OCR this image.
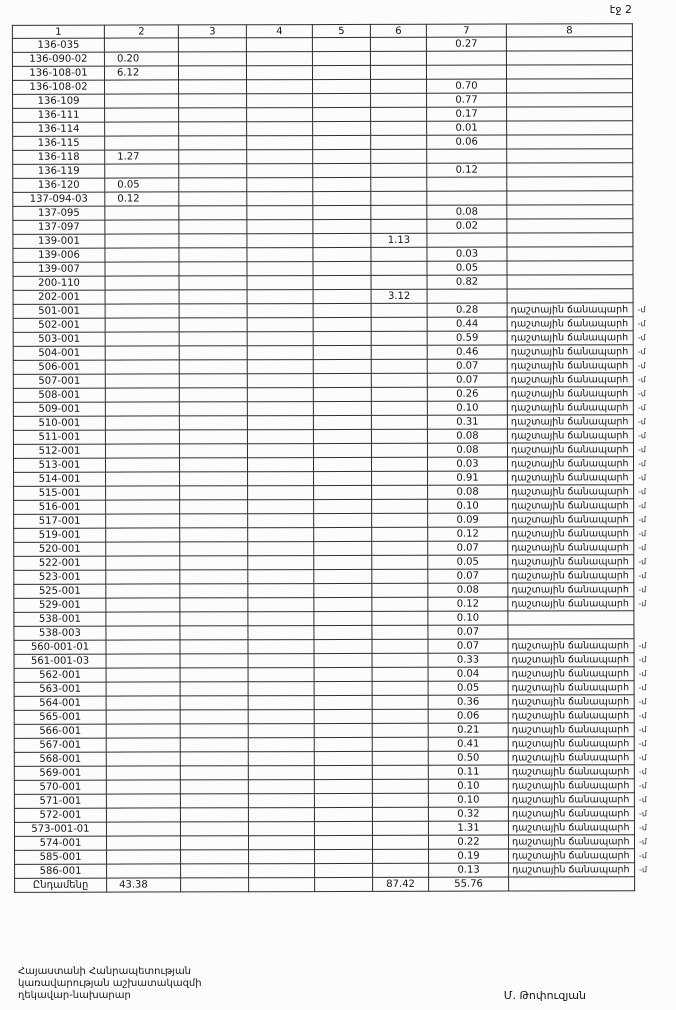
էջ 2
1	2	3	4	5	6	7	8	
136-035						0.27		
136-090-02	0.20							
136-108-01	6.12							
136-108-02						0.70		
136-109						0.77		
136-111						0.17		
136-114						0.01		
136-115						0.06		
136-118	1.27							
136-119						0.12		
136-120	0.05							
137-094-03	0.12							
137-095						0.08		
137-097						0.02		
139-001					1.13			
139-006						0.03		
139-007						0.05		
200-110						0.82		
202-001					3.12			
501-001						0.28	դաշտային ճանապարհ	-մ
502-001						0.44	դաշտային ճանապարհ	-մ
503-001						0.59	դաշտային ճանապարհ	-մ
504-001						0.46	դաշտային ճանապարհ	-մ
506-001						0.07	դաշտային ճանապարհ	-մ
507-001						0.07	դաշտային ճանապարհ	-մ
508-001						0.26	դաշտային ճանապարհ	-մ
509-001						0.10	դաշտային ճանապարհ	-մ
510-001						0.31	դաշտային ճանապարհ	-մ
511-001						0.08	դաշտային ճանապարհ	-մ
512-001						0.08	դաշտային ճանապարհ	-մ
513-001						0.03	դաշտային ճանապարհ	-մ
514-001						0.91	դաշտային ճանապարհ	-մ
515-001						0.08	դաշտային ճանապարհ	-մ
516-001						0.10	դաշտային ճանապարհ	-մ
517-001						0.09	դաշտային ճանապարհ	-մ
519-001						0.12	դաշտային ճանապարհ	-մ
520-001						0.07	դաշտային ճանապարհ	-մ
522-001						0.05	դաշտային ճանապարհ	-մ
523-001						0.07	դաշտային ճանապարհ	-մ
525-001						0.08	դաշտային ճանապարհ	-մ
529-001						0.12	դաշտային ճանապարհ	-մ
538-001						0.10		
538-003						0.07		
560-001-01						0.07	դաշտային ճանապարհ	-մ
561-001-03						0.33	դաշտային ճանապարհ	-մ
562-001						0.04	դաշտային ճանապարհ	-մ
563-001						0.05	դաշտային ճանապարհ	-մ
564-001						0.36	դաշտային ճանապարհ	-մ
565-001						0.06	դաշտային ճանապարհ	-մ
566-001						0.21	դաշտային ճանապարհ	-մ
567-001						0.41	դաշտային ճանապարհ	-մ
568-001						0.50	դաշտային ճանապարհ	-մ
569-001						0.11	դաշտային ճանապարհ	-մ
570-001						0.10	դաշտային ճանապարհ	-մ
571-001						0.10	դաշտային ճանապարհ	-մ
572-001						0.32	դաշտային ճանապարհ	-մ
573-001-01						1.31	դաշտային ճանապարհ	-մ
574-001						0.22	դաշտային ճանապարհ	-մ
585-001						0.19	դաշտային ճանապարհ	-մ
586-001						0.13	դաշտային ճանապարհ	-մ
Ընդամենը	43.38				87.42	55.76		
Հայաստանի Հանրապետության
կառավարության աշխատակազմի
ղեկավար-նախարար	Մ. Թոփուզյան
